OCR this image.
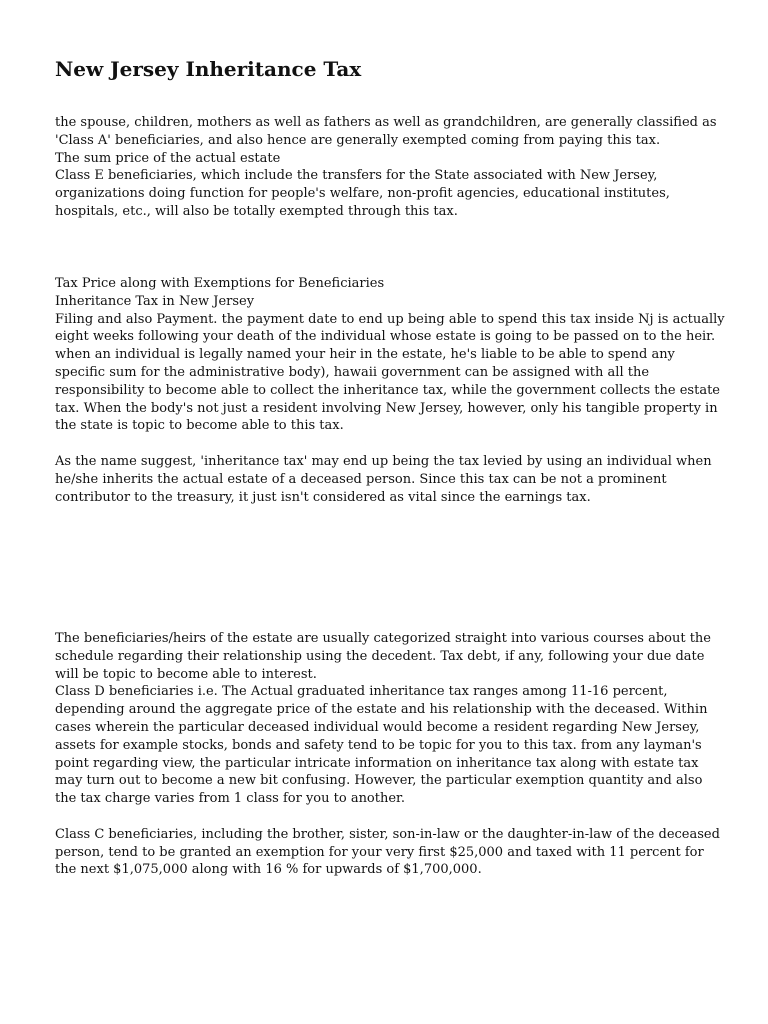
New Jersey Inheritance Tax
the spouse, children, mothers as well as fathers as well as grandchildren, are generally classified as
'Class A' beneficiaries, and also hence are generally exempted coming from paying this tax.
The sum price of the actual estate
Class E beneficiaries, which include the transfers for the State associated with New Jersey,
organizations doing function for people's welfare, non-profit agencies, educational institutes,
hospitals, etc., will also be totally exempted through this tax.
Tax Price along with Exemptions for Beneficiaries
Inheritance Tax in New Jersey
Filing and also Payment. the payment date to end up being able to spend this tax inside Nj is actually
eight weeks following your death of the individual whose estate is going to be passed on to the heir.
when an individual is legally named your heir in the estate, he's liable to be able to spend any
specific sum for the administrative body), hawaii government can be assigned with all the
responsibility to become able to collect the inheritance tax, while the government collects the estate
tax. When the body's not just a resident involving New Jersey, however, only his tangible property in
the state is topic to become able to this tax.
As the name suggest, 'inheritance tax' may end up being the tax levied by using an individual when
he/she inherits the actual estate of a deceased person. Since this tax can be not a prominent
contributor to the treasury, it just isn't considered as vital since the earnings tax.
The beneficiaries/heirs of the estate are usually categorized straight into various courses about the
schedule regarding their relationship using the decedent. Tax debt, if any, following your due date
will be topic to become able to interest.
Class D beneficiaries i.e. The Actual graduated inheritance tax ranges among 11-16 percent,
depending around the aggregate price of the estate and his relationship with the deceased. Within
cases wherein the particular deceased individual would become a resident regarding New Jersey,
assets for example stocks, bonds and safety tend to be topic for you to this tax. from any layman's
point regarding view, the particular intricate information on inheritance tax along with estate tax
may turn out to become a new bit confusing. However, the particular exemption quantity and also
the tax charge varies from 1 class for you to another.
Class C beneficiaries, including the brother, sister, son-in-law or the daughter-in-law of the deceased
person, tend to be granted an exemption for your very first $25,000 and taxed with 11 percent for
the next $1,075,000 along with 16 % for upwards of $1,700,000.
